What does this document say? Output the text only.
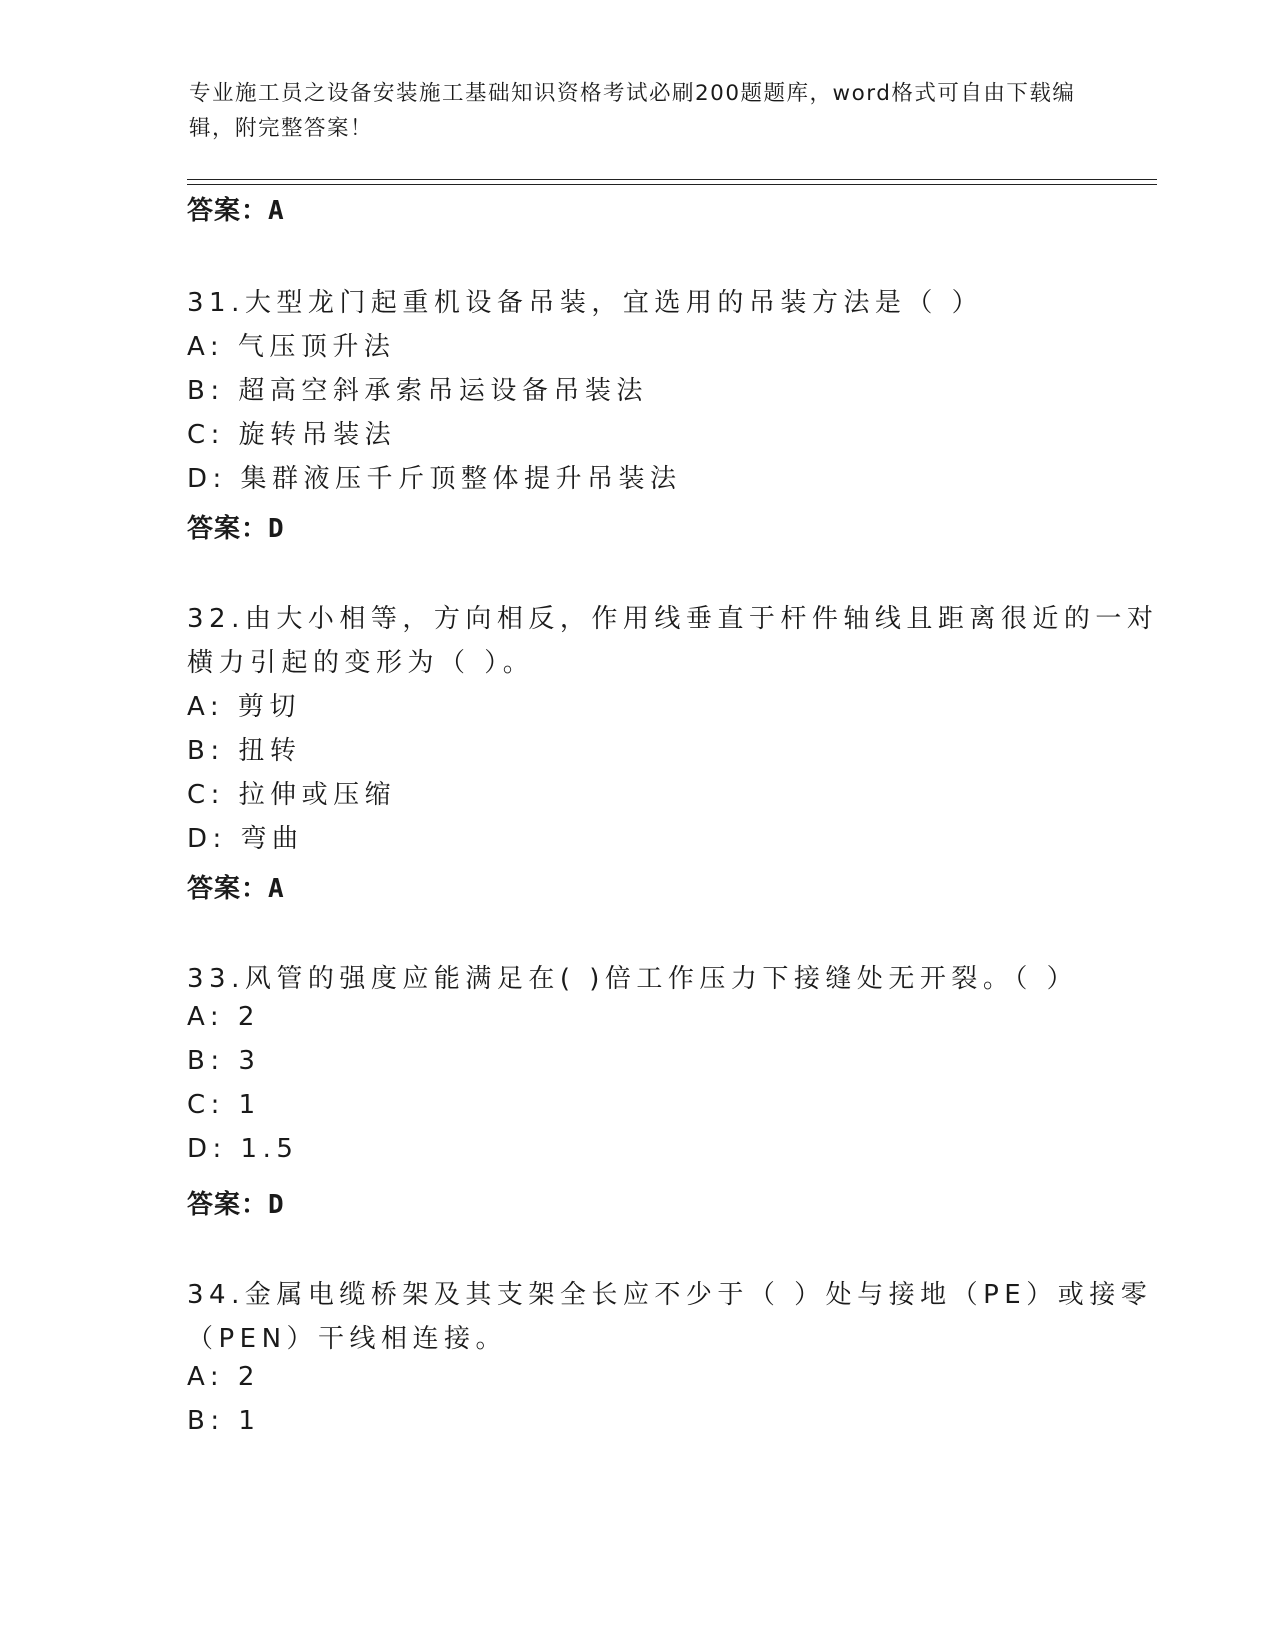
专业施工员之设备安装施工基础知识资格考试必刷200题题库，word格式可自由下载编辑，附完整答案！
答案：A
31.大型龙门起重机设备吊装，宜选用的吊装方法是（ ）
A: 气压顶升法
B: 超高空斜承索吊运设备吊装法
C: 旋转吊装法
D: 集群液压千斤顶整体提升吊装法
答案：D
32.由大小相等，方向相反，作用线垂直于杆件轴线且距离很近的一对
横力引起的变形为（ ）。
A: 剪切
B: 扭转
C: 拉伸或压缩
D: 弯曲
答案：A
33.风管的强度应能满足在( )倍工作压力下接缝处无开裂。（ ）
A: 2
B: 3
C: 1
D: 1.5
答案：D
34.金属电缆桥架及其支架全长应不少于（ ）处与接地（PE）或接零
（PEN）干线相连接。
A: 2
B: 1
